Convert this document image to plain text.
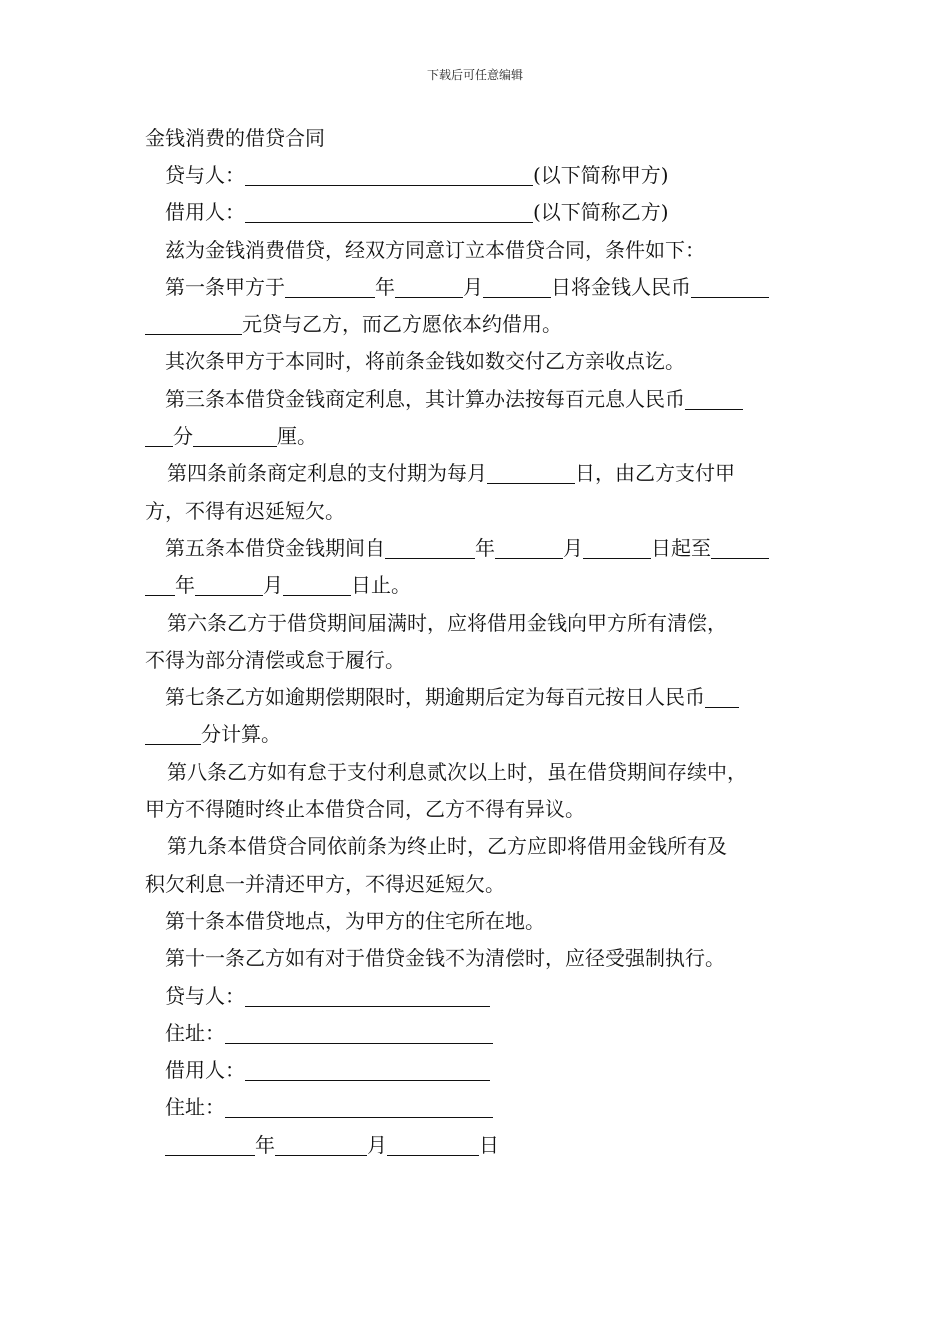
下载后可任意编辑
金钱消费的借贷合同
贷与人：	(以下简称甲方)
借用人：	(以下简称乙方)
兹为金钱消费借贷，经双方同意订立本借贷合同，条件如下：
第一条甲方于	年	月	日将金钱人民币
元贷与乙方，而乙方愿依本约借用。
其次条甲方于本同时，将前条金钱如数交付乙方亲收点讫。
第三条本借贷金钱商定利息，其计算办法按每百元息人民币
分	厘。
第四条前条商定利息的支付期为每月	日，由乙方支付甲
方，不得有迟延短欠。
第五条本借贷金钱期间自	年	月	日起至
年	月	日止。
第六条乙方于借贷期间届满时，应将借用金钱向甲方所有清偿，
不得为部分清偿或怠于履行。
第七条乙方如逾期偿期限时，期逾期后定为每百元按日人民币
分计算。
第八条乙方如有怠于支付利息贰次以上时，虽在借贷期间存续中，
甲方不得随时终止本借贷合同，乙方不得有异议。
第九条本借贷合同依前条为终止时，乙方应即将借用金钱所有及
积欠利息一并清还甲方，不得迟延短欠。
第十条本借贷地点，为甲方的住宅所在地。
第十一条乙方如有对于借贷金钱不为清偿时，应径受强制执行。
贷与人：
住址：
借用人：
住址：
年	月	日
